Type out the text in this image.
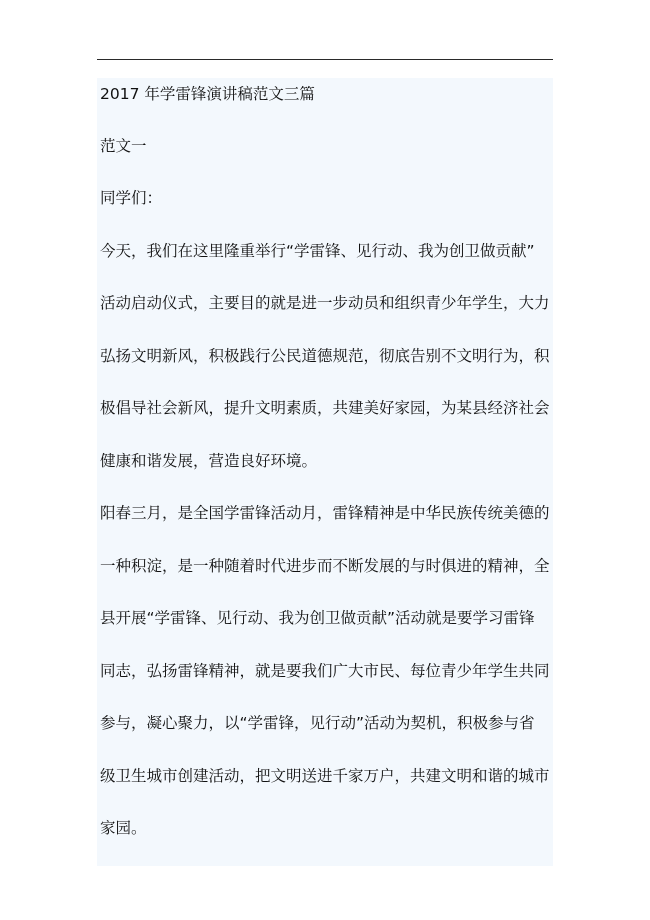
2017 年学雷锋演讲稿范文三篇
范文一
同学们：
今天，我们在这里隆重举行“学雷锋、见行动、我为创卫做贡献”
活动启动仪式，主要目的就是进一步动员和组织青少年学生，大力
弘扬文明新风，积极践行公民道德规范，彻底告别不文明行为，积
极倡导社会新风，提升文明素质，共建美好家园，为某县经济社会
健康和谐发展，营造良好环境。
阳春三月，是全国学雷锋活动月，雷锋精神是中华民族传统美德的
一种积淀，是一种随着时代进步而不断发展的与时俱进的精神，全
县开展“学雷锋、见行动、我为创卫做贡献”活动就是要学习雷锋
同志，弘扬雷锋精神，就是要我们广大市民、每位青少年学生共同
参与，凝心聚力，以“学雷锋，见行动”活动为契机，积极参与省
级卫生城市创建活动，把文明送进千家万户，共建文明和谐的城市
家园。
